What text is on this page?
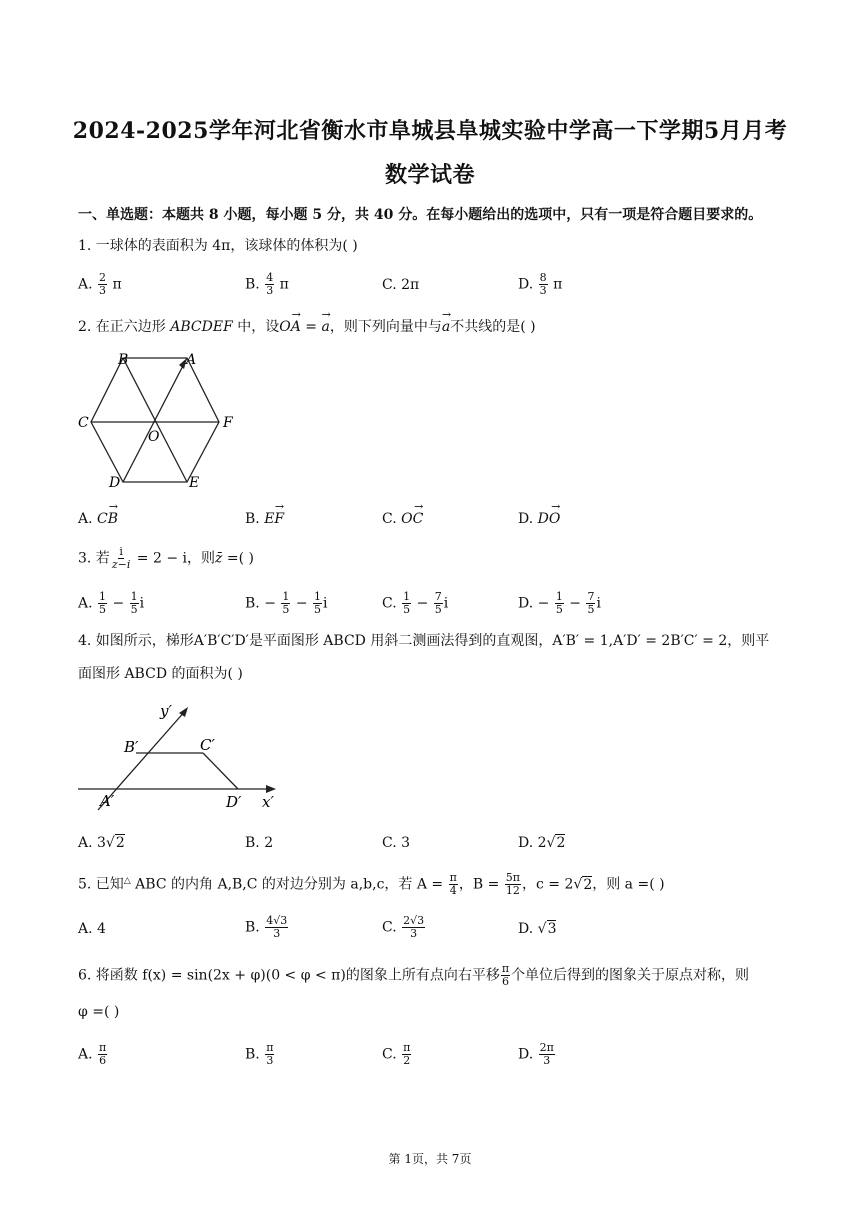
2024-2025学年河北省衡水市阜城县阜城实验中学高一下学期5月月考
数学试卷
一、单选题：本题共 8 小题，每小题 5 分，共 40 分。在每小题给出的选项中，只有一项是符合题目要求的。
1. 一球体的表面积为 4π，该球体的体积为( )
A. $\frac{2}{3}$ π	B. $\frac{4}{3}$ π	C. 2π	D. $\frac{8}{3}$ π
2. 在正六边形 ABCDEF 中，设→ OA = → a，则下列向量中与→ a不共线的是( )
B	A
C	F
O
D	E
A. → CB	B. → EF	C. → OC	D. → DO
3. 若 $\frac{i}{z-i} = 2 - i$，则z̄ =( )
A. $\frac{1}{5} - \frac{1}{5}$ i	B. − $\frac{1}{5} - \frac{1}{5}$ i	C. $\frac{1}{5} - \frac{7}{5}$ i	D. − $\frac{1}{5} - \frac{7}{5}$ i
4. 如图所示，梯形A′B′C′D′是平面图形 ABCD 用斜二测画法得到的直观图，A′B′ = 1,A′D′ = 2B′C′ = 2，则平
面图形 ABCD 的面积为( )
y′
B′	C′
A′	D′ x′
A. 3√2	B. 2	C. 3	D. 2√2
5. 已知△ ABC 的内角 A,B,C 的对边分别为 a,b,c，若 $A = \frac{\pi}{4}$ ，$B = \frac{5\pi}{12}$ ，c = 2√2，则 a =( )
A. 4	B. $\frac{4√3}{3}$	C. $\frac{2√3}{3}$	D. √3
6. 将函数 f(x) = sin(2x + φ)(0 < φ < π)的图象上所有点向右平移 $\frac{\pi}{6}$ 个单位后得到的图象关于原点对称，则
φ =( )
A. $\frac{\pi}{6}$	B. $\frac{\pi}{3}$	C. $\frac{\pi}{2}$	D. $\frac{2\pi}{3}$
第 1页，共 7页
